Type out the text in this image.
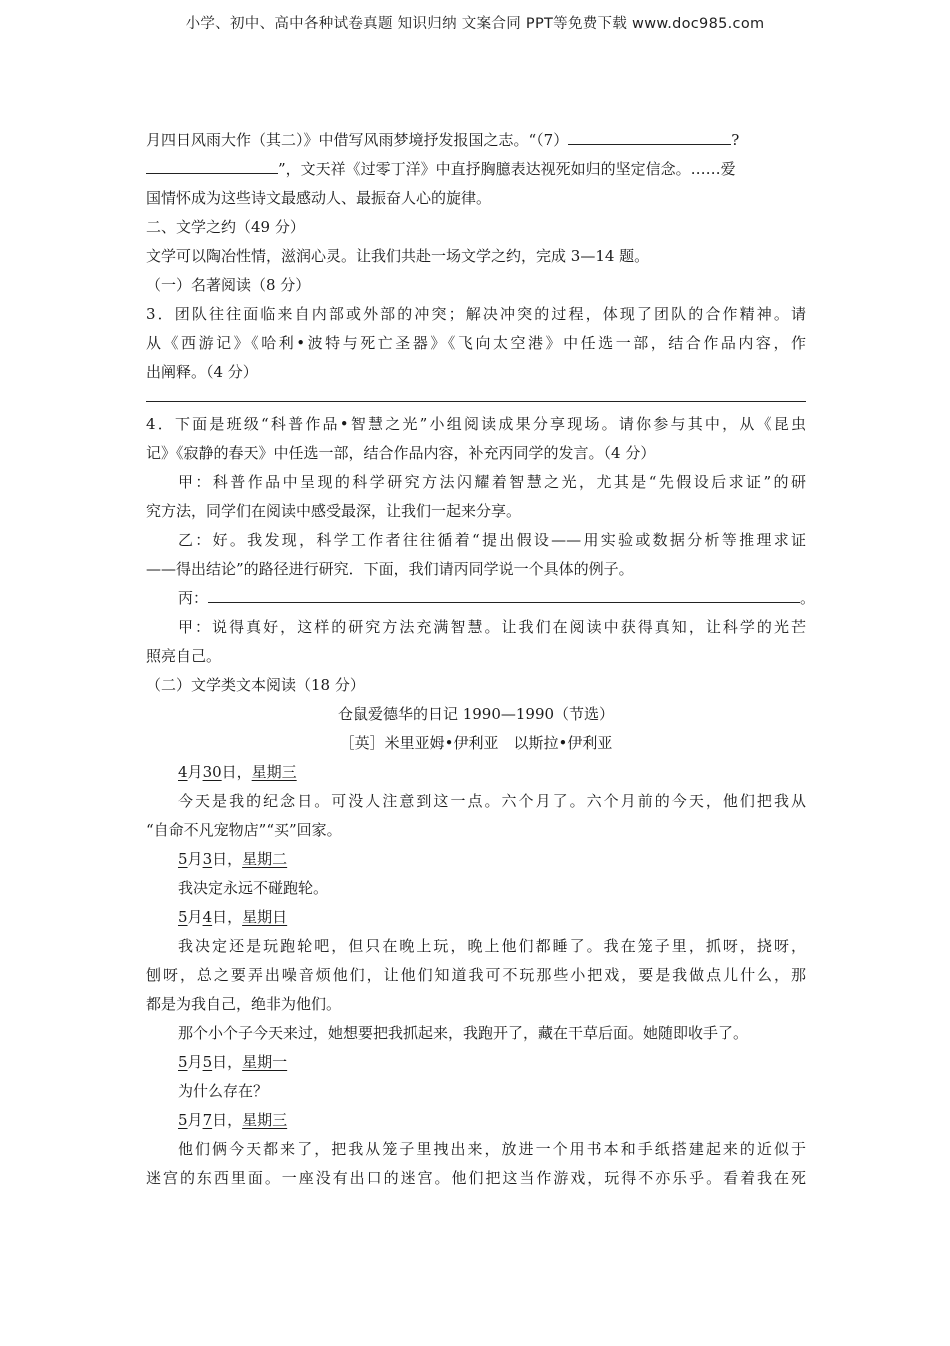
小学、初中、高中各种试卷真题 知识归纳 文案合同 PPT等免费下载 www.doc985.com
月四日风雨大作（其二）》中借写风雨梦境抒发报国之志。“（7）	?
”，文天祥《过零丁洋》中直抒胸臆表达视死如归的坚定信念。……爱
国情怀成为这些诗文最感动人、最振奋人心的旋律。
二、文学之约（49 分）
文学可以陶冶性情，滋润心灵。让我们共赴一场文学之约，完成 3—14 题。
（一）名著阅读（8 分）
3．团队往往面临来自内部或外部的冲突；解决冲突的过程，体现了团队的合作精神。请
从《西游记》《哈利•波特与死亡圣器》《飞向太空港》中任选一部，结合作品内容，作
出阐释。（4 分）
4．下面是班级“科普作品•智慧之光”小组阅读成果分享现场。请你参与其中，从《昆虫
记》《寂静的春天》中任选一部，结合作品内容，补充丙同学的发言。（4 分）
甲：科普作品中呈现的科学研究方法闪耀着智慧之光，尤其是“先假设后求证”的研
究方法，同学们在阅读中感受最深，让我们一起来分享。
乙：好。我发现，科学工作者往往循着“提出假设——用实验或数据分析等推理求证
——得出结论”的路径进行研究．下面，我们请丙同学说一个具体的例子。
丙：	。
甲：说得真好，这样的研究方法充满智慧。让我们在阅读中获得真知，让科学的光芒
照亮自己。
（二）文学类文本阅读（18 分）
仓鼠爱德华的日记 1990—1990（节选）
［英］米里亚姆•伊利亚　以斯拉•伊利亚
4月30日，星期三
今天是我的纪念日。可没人注意到这一点。六个月了。六个月前的今天，他们把我从
“自命不凡宠物店”“买”回家。
5月3日，星期二
我决定永远不碰跑轮。
5月4日，星期日
我决定还是玩跑轮吧，但只在晚上玩，晚上他们都睡了。我在笼子里，抓呀，挠呀，
刨呀，总之要弄出噪音烦他们，让他们知道我可不玩那些小把戏，要是我做点儿什么，那
都是为我自己，绝非为他们。
那个小个子今天来过，她想要把我抓起来，我跑开了，藏在干草后面。她随即收手了。
5月5日，星期一
为什么存在？
5月7日，星期三
他们俩今天都来了，把我从笼子里拽出来，放进一个用书本和手纸搭建起来的近似于
迷宫的东西里面。一座没有出口的迷宫。他们把这当作游戏，玩得不亦乐乎。看着我在死
